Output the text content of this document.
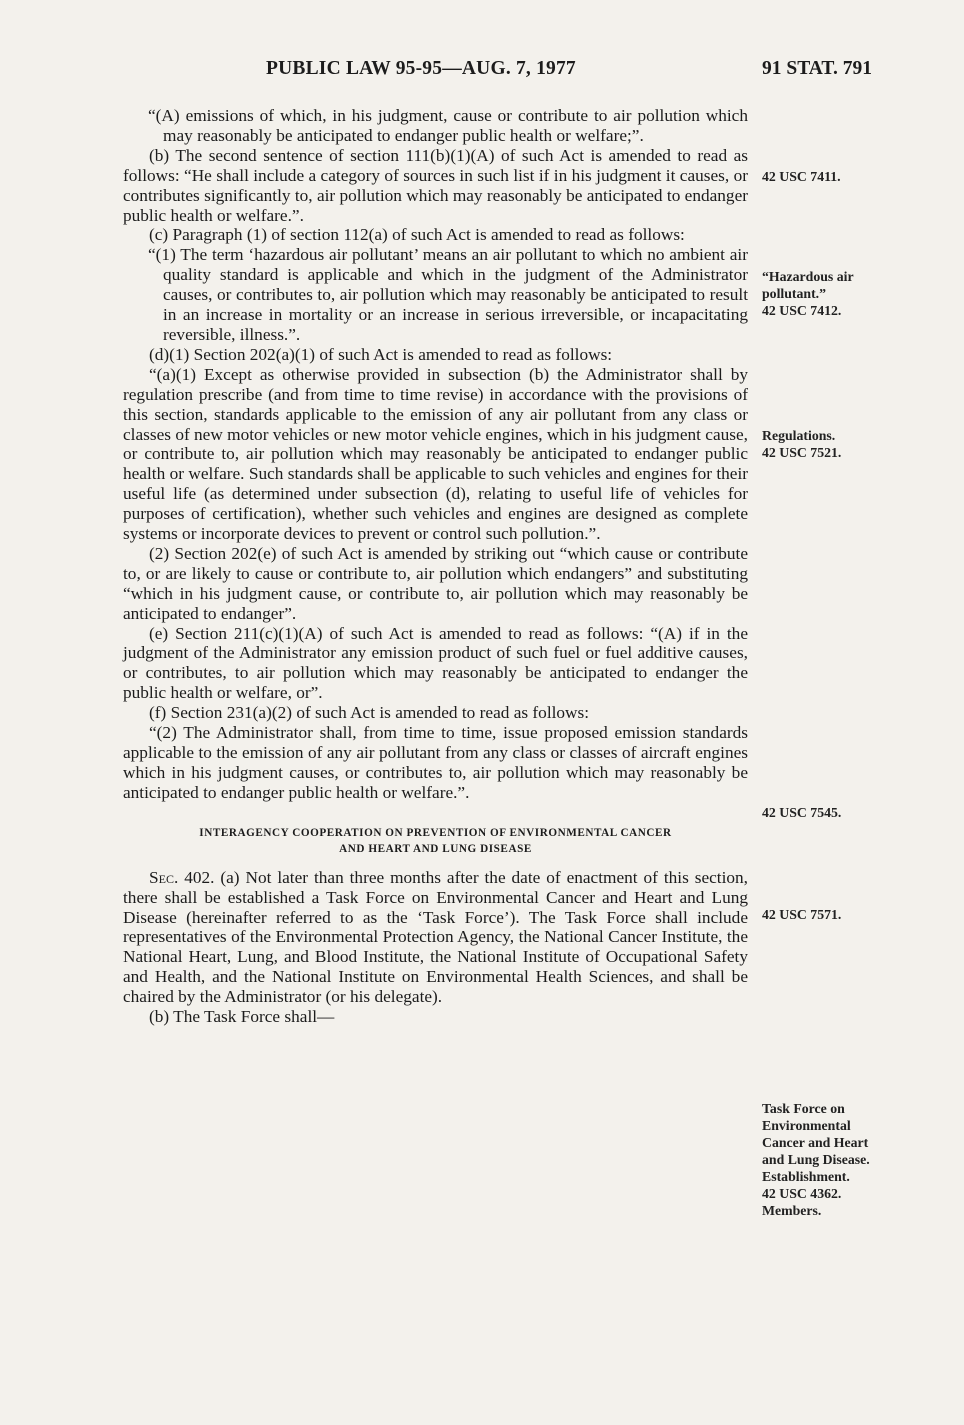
PUBLIC LAW 95-95—AUG. 7, 1977	91 STAT. 791

“(A) emissions of which, in his judgment, cause or contribute to air pollution which may reasonably be anticipated to endanger public health or welfare;”.

(b) The second sentence of section 111(b)(1)(A) of such Act is amended to read as follows: “He shall include a category of sources in such list if in his judgment it causes, or contributes significantly to, air pollution which may reasonably be anticipated to endanger public health or welfare.”.

(c) Paragraph (1) of section 112(a) of such Act is amended to read as follows:

“(1) The term ‘hazardous air pollutant’ means an air pollutant to which no ambient air quality standard is applicable and which in the judgment of the Administrator causes, or contributes to, air pollution which may reasonably be anticipated to result in an increase in mortality or an increase in serious irreversible, or incapacitating reversible, illness.”.

(d)(1) Section 202(a)(1) of such Act is amended to read as follows:

“(a)(1) Except as otherwise provided in subsection (b) the Administrator shall by regulation prescribe (and from time to time revise) in accordance with the provisions of this section, standards applicable to the emission of any air pollutant from any class or classes of new motor vehicles or new motor vehicle engines, which in his judgment cause, or contribute to, air pollution which may reasonably be anticipated to endanger public health or welfare. Such standards shall be applicable to such vehicles and engines for their useful life (as determined under subsection (d), relating to useful life of vehicles for purposes of certification), whether such vehicles and engines are designed as complete systems or incorporate devices to prevent or control such pollution.”.

(2) Section 202(e) of such Act is amended by striking out “which cause or contribute to, or are likely to cause or contribute to, air pollution which endangers” and substituting “which in his judgment cause, or contribute to, air pollution which may reasonably be anticipated to endanger”.

(e) Section 211(c)(1)(A) of such Act is amended to read as follows: “(A) if in the judgment of the Administrator any emission product of such fuel or fuel additive causes, or contributes, to air pollution which may reasonably be anticipated to endanger the public health or welfare, or”.

(f) Section 231(a)(2) of such Act is amended to read as follows:

“(2) The Administrator shall, from time to time, issue proposed emission standards applicable to the emission of any air pollutant from any class or classes of aircraft engines which in his judgment causes, or contributes to, air pollution which may reasonably be anticipated to endanger public health or welfare.”.

INTERAGENCY COOPERATION ON PREVENTION OF ENVIRONMENTAL CANCER
AND HEART AND LUNG DISEASE

Sec. 402. (a) Not later than three months after the date of enactment of this section, there shall be established a Task Force on Environmental Cancer and Heart and Lung Disease (hereinafter referred to as the ‘Task Force’). The Task Force shall include representatives of the Environmental Protection Agency, the National Cancer Institute, the National Heart, Lung, and Blood Institute, the National Institute of Occupational Safety and Health, and the National Institute on Environmental Health Sciences, and shall be chaired by the Administrator (or his delegate).

(b) The Task Force shall—

42 USC 7411.
“Hazardous air pollutant.”
42 USC 7412.
Regulations.
42 USC 7521.
42 USC 7545.
42 USC 7571.
Task Force on Environmental Cancer and Heart and Lung Disease.
Establishment.
42 USC 4362.
Members.
